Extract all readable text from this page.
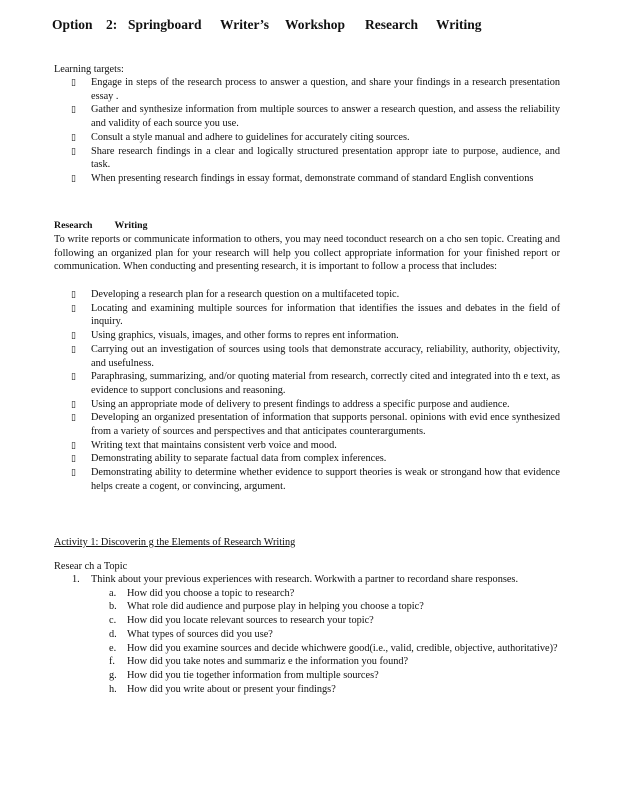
Option 2: Springboard Writer’s Workshop Research Writing
Learning targets:
▯ Engage in steps of the research process to answer a question, and share your findings in a research presentation essay .
▯ Gather and synthesize information from multiple sources to answer a research question, and assess the reliability and validity of each source you use.
▯ Consult a style manual and adhere to guidelines for accurately citing sources.
▯ Share research findings in a clear and logically structured presentation appropr iate to purpose, audience, and task.
▯ When presenting research findings in essay format, demonstrate command of standard English conventions
Research Writing
To write reports or communicate information to others, you may need toconduct research on a cho sen topic. Creating and following an organized plan for your research will help you collect appropriate information for your finished report or communication. When conducting and presenting research, it is important to follow a process that includes:
▯ Developing a research plan for a research question on a multifaceted topic.
▯ Locating and examining multiple sources for information that identifies the issues and debates in the field of inquiry.
▯ Using graphics, visuals, images, and other forms to repres ent information.
▯ Carrying out an investigation of sources using tools that demonstrate accuracy, reliability, authority, objectivity, and usefulness.
▯ Paraphrasing, summarizing, and/or quoting material from research, correctly cited and integrated into th e text, as evidence to support conclusions and reasoning.
▯ Using an appropriate mode of delivery to present findings to address a specific purpose and audience.
▯ Developing an organized presentation of information that supports personal. opinions with evid ence synthesized from a variety of sources and perspectives and that anticipates counterarguments.
▯ Writing text that maintains consistent verb voice and mood.
▯ Demonstrating ability to separate factual data from complex inferences.
▯ Demonstrating ability to determine whether evidence to support theories is weak or strongand how that evidence helps create a cogent, or convincing, argument.
Activity 1: Discoverin g the Elements of Research Writing
Resear ch a Topic
1. Think about your previous experiences with research. Workwith a partner to recordand share responses.
a. How did you choose a topic to research?
b. What role did audience and purpose play in helping you choose a topic?
c. How did you locate relevant sources to research your topic?
d. What types of sources did you use?
e. How did you examine sources and decide whichwere good(i.e., valid, credible, objective, authoritative)?
f. How did you take notes and summariz e the information you found?
g. How did you tie together information from multiple sources?
h. How did you write about or present your findings?
